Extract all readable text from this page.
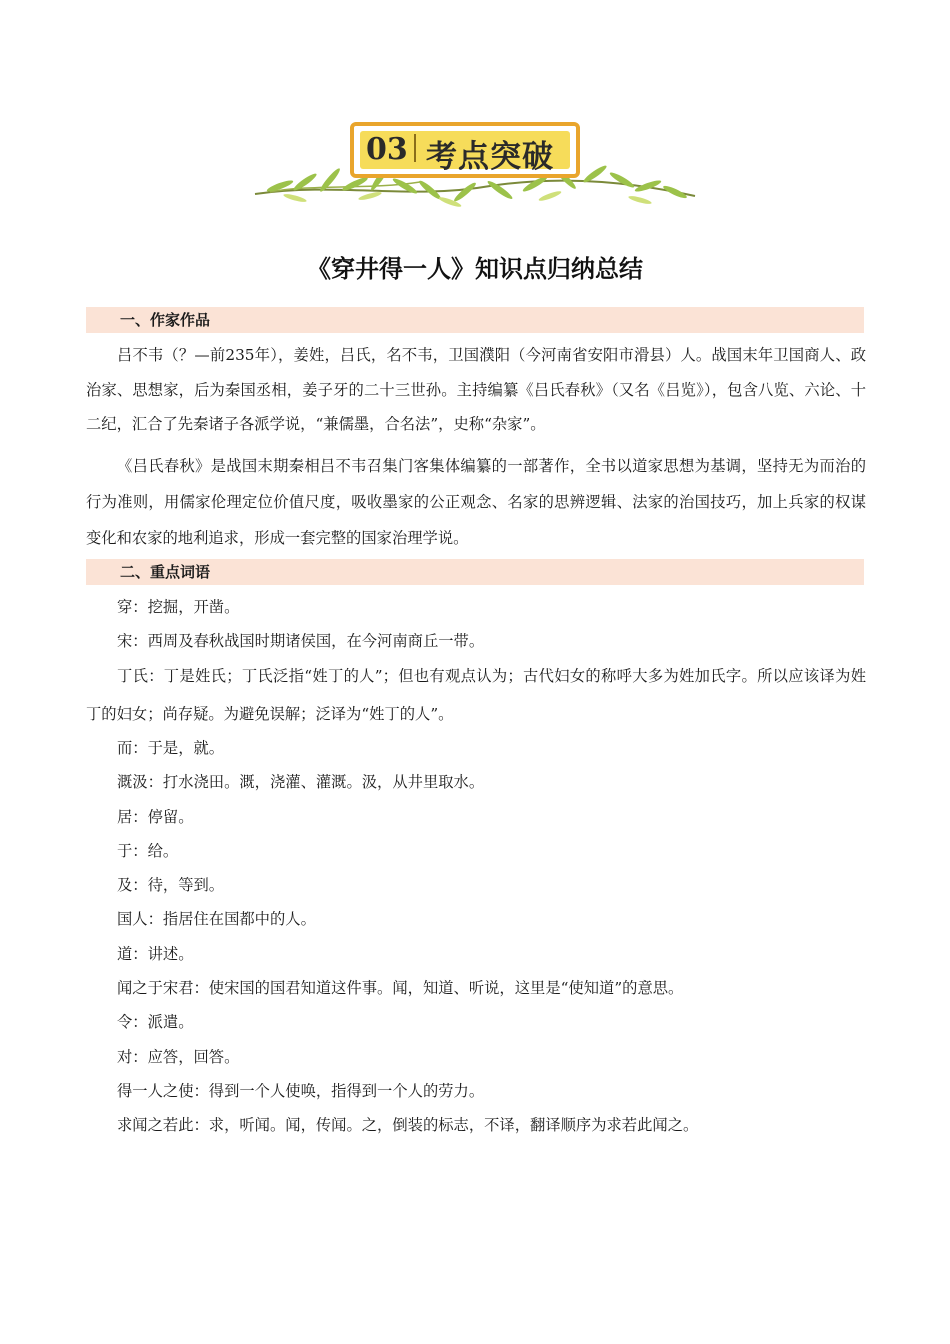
03 考点突破
《穿井得一人》知识点归纳总结
一、作家作品

吕不韦（？—前235年），姜姓，吕氏，名不韦，卫国濮阳（今河南省安阳市滑县）人。战国末年卫国商人、政治家、思想家，后为秦国丞相，姜子牙的二十三世孙。主持编纂《吕氏春秋》（又名《吕览》），包含八览、六论、十二纪，汇合了先秦诸子各派学说，“兼儒墨，合名法”，史称“杂家”。

《吕氏春秋》是战国末期秦相吕不韦召集门客集体编纂的一部著作，全书以道家思想为基调，坚持无为而治的行为准则，用儒家伦理定位价值尺度，吸收墨家的公正观念、名家的思辨逻辑、法家的治国技巧，加上兵家的权谋变化和农家的地利追求，形成一套完整的国家治理学说。

二、重点词语

穿：挖掘，开凿。

宋：西周及春秋战国时期诸侯国，在今河南商丘一带。

丁氏：丁是姓氏；丁氏泛指“姓丁的人”；但也有观点认为；古代妇女的称呼大多为姓加氏字。所以应该译为姓丁的妇女；尚存疑。为避免误解；泛译为“姓丁的人”。

而：于是，就。

溉汲：打水浇田。溉，浇灌、灌溉。汲，从井里取水。

居：停留。

于：给。

及：待，等到。

国人：指居住在国都中的人。

道：讲述。

闻之于宋君：使宋国的国君知道这件事。闻，知道、听说，这里是“使知道”的意思。

令：派遣。

对：应答，回答。

得一人之使：得到一个人使唤，指得到一个人的劳力。

求闻之若此：求，听闻。闻，传闻。之，倒装的标志，不译，翻译顺序为求若此闻之。
